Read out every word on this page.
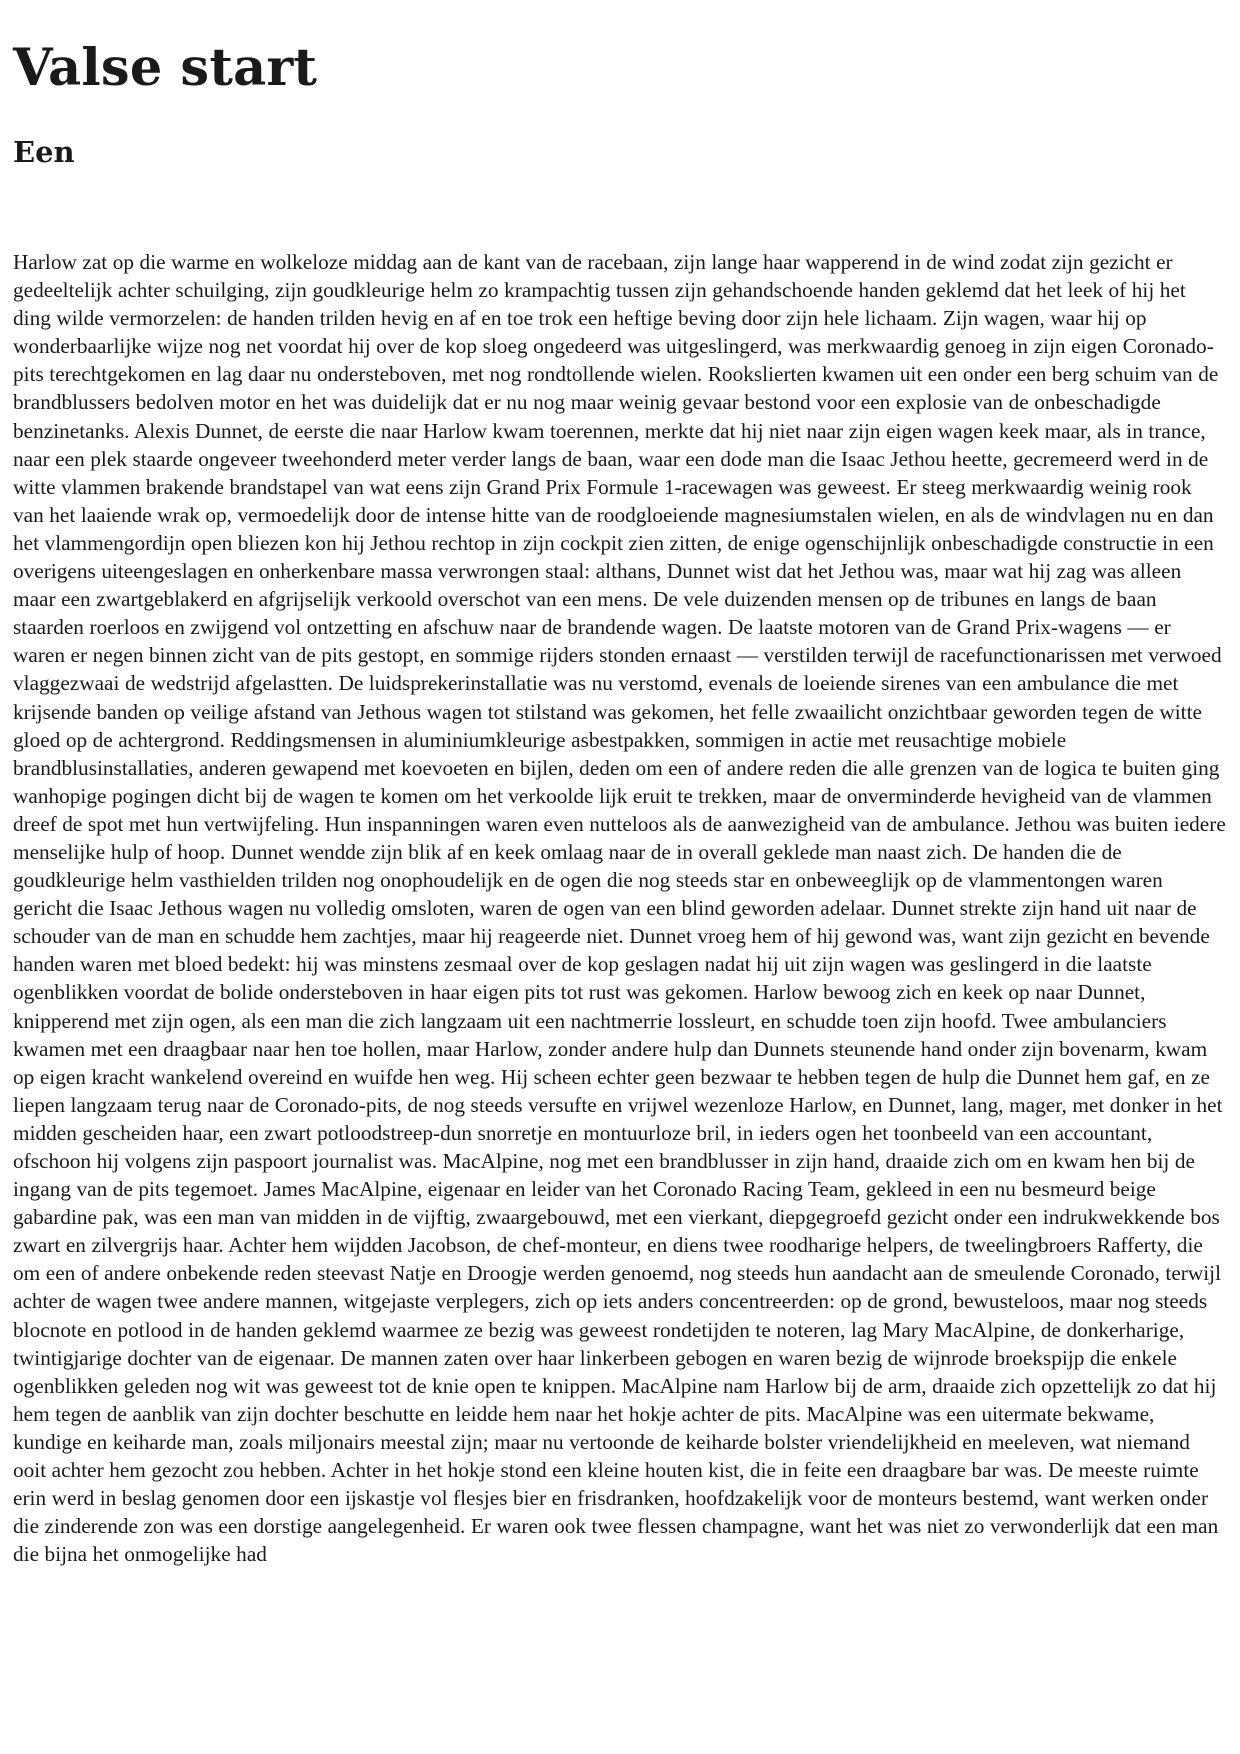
Valse start
Een

Harlow zat op die warme en wolkeloze middag aan de kant van de racebaan, zijn lange haar wapperend in de wind zodat zijn gezicht er gedeeltelijk achter schuilging, zijn goudkleurige helm zo krampachtig tussen zijn gehandschoende handen geklemd dat het leek of hij het ding wilde vermorzelen: de handen trilden hevig en af en toe trok een heftige beving door zijn hele lichaam. Zijn wagen, waar hij op wonderbaarlijke wijze nog net voordat hij over de kop sloeg ongedeerd was uitgeslingerd, was merkwaardig genoeg in zijn eigen Coronado-pits terechtgekomen en lag daar nu ondersteboven, met nog rondtollende wielen. Rookslierten kwamen uit een onder een berg schuim van de brandblussers bedolven motor en het was duidelijk dat er nu nog maar weinig gevaar bestond voor een explosie van de onbeschadigde benzinetanks. Alexis Dunnet, de eerste die naar Harlow kwam toerennen, merkte dat hij niet naar zijn eigen wagen keek maar, als in trance, naar een plek staarde ongeveer tweehonderd meter verder langs de baan, waar een dode man die Isaac Jethou heette, gecremeerd werd in de witte vlammen brakende brandstapel van wat eens zijn Grand Prix Formule 1-racewagen was geweest. Er steeg merkwaardig weinig rook van het laaiende wrak op, vermoedelijk door de intense hitte van de roodgloeiende magnesiumstalen wielen, en als de windvlagen nu en dan het vlammengordijn open bliezen kon hij Jethou rechtop in zijn cockpit zien zitten, de enige ogenschijnlijk onbeschadigde constructie in een overigens uiteengeslagen en onherkenbare massa verwrongen staal: althans, Dunnet wist dat het Jethou was, maar wat hij zag was alleen maar een zwartgeblakerd en afgrijselijk verkoold overschot van een mens. De vele duizenden mensen op de tribunes en langs de baan staarden roerloos en zwijgend vol ontzetting en afschuw naar de brandende wagen. De laatste motoren van de Grand Prix-wagens — er waren er negen binnen zicht van de pits gestopt, en sommige rijders stonden ernaast — verstilden terwijl de racefunctionarissen met verwoed vlaggezwaai de wedstrijd afgelastten. De luidsprekerinstallatie was nu verstomd, evenals de loeiende sirenes van een ambulance die met krijsende banden op veilige afstand van Jethous wagen tot stilstand was gekomen, het felle zwaailicht onzichtbaar geworden tegen de witte gloed op de achtergrond. Reddingsmensen in aluminiumkleurige asbestpakken, sommigen in actie met reusachtige mobiele brandblusinstallaties, anderen gewapend met koevoeten en bijlen, deden om een of andere reden die alle grenzen van de logica te buiten ging wanhopige pogingen dicht bij de wagen te komen om het verkoolde lijk eruit te trekken, maar de onverminderde hevigheid van de vlammen dreef de spot met hun vertwijfeling. Hun inspanningen waren even nutteloos als de aanwezigheid van de ambulance. Jethou was buiten iedere menselijke hulp of hoop. Dunnet wendde zijn blik af en keek omlaag naar de in overall geklede man naast zich. De handen die de goudkleurige helm vasthielden trilden nog onophoudelijk en de ogen die nog steeds star en onbeweeglijk op de vlammentongen waren gericht die Isaac Jethous wagen nu volledig omsloten, waren de ogen van een blind geworden adelaar. Dunnet strekte zijn hand uit naar de schouder van de man en schudde hem zachtjes, maar hij reageerde niet. Dunnet vroeg hem of hij gewond was, want zijn gezicht en bevende handen waren met bloed bedekt: hij was minstens zesmaal over de kop geslagen nadat hij uit zijn wagen was geslingerd in die laatste ogenblikken voordat de bolide ondersteboven in haar eigen pits tot rust was gekomen. Harlow bewoog zich en keek op naar Dunnet, knipperend met zijn ogen, als een man die zich langzaam uit een nachtmerrie lossleurt, en schudde toen zijn hoofd. Twee ambulanciers kwamen met een draagbaar naar hen toe hollen, maar Harlow, zonder andere hulp dan Dunnets steunende hand onder zijn bovenarm, kwam op eigen kracht wankelend overeind en wuifde hen weg. Hij scheen echter geen bezwaar te hebben tegen de hulp die Dunnet hem gaf, en ze liepen langzaam terug naar de Coronado-pits, de nog steeds versufte en vrijwel wezenloze Harlow, en Dunnet, lang, mager, met donker in het midden gescheiden haar, een zwart potloodstreep-dun snorretje en montuurloze bril, in ieders ogen het toonbeeld van een accountant, ofschoon hij volgens zijn paspoort journalist was. MacAlpine, nog met een brandblusser in zijn hand, draaide zich om en kwam hen bij de ingang van de pits tegemoet. James MacAlpine, eigenaar en leider van het Coronado Racing Team, gekleed in een nu besmeurd beige gabardine pak, was een man van midden in de vijftig, zwaargebouwd, met een vierkant, diepgegroefd gezicht onder een indrukwekkende bos zwart en zilvergrijs haar. Achter hem wijdden Jacobson, de chef-monteur, en diens twee roodharige helpers, de tweelingbroers Rafferty, die om een of andere onbekende reden steevast Natje en Droogje werden genoemd, nog steeds hun aandacht aan de smeulende Coronado, terwijl achter de wagen twee andere mannen, witgejaste verplegers, zich op iets anders concentreerden: op de grond, bewusteloos, maar nog steeds blocnote en potlood in de handen geklemd waarmee ze bezig was geweest rondetijden te noteren, lag Mary MacAlpine, de donkerharige, twintigjarige dochter van de eigenaar. De mannen zaten over haar linkerbeen gebogen en waren bezig de wijnrode broekspijp die enkele ogenblikken geleden nog wit was geweest tot de knie open te knippen. MacAlpine nam Harlow bij de arm, draaide zich opzettelijk zo dat hij hem tegen de aanblik van zijn dochter beschutte en leidde hem naar het hokje achter de pits. MacAlpine was een uitermate bekwame, kundige en keiharde man, zoals miljonairs meestal zijn; maar nu vertoonde de keiharde bolster vriendelijkheid en meeleven, wat niemand ooit achter hem gezocht zou hebben. Achter in het hokje stond een kleine houten kist, die in feite een draagbare bar was. De meeste ruimte erin werd in beslag genomen door een ijskastje vol flesjes bier en frisdranken, hoofdzakelijk voor de monteurs bestemd, want werken onder die zinderende zon was een dorstige aangelegenheid. Er waren ook twee flessen champagne, want het was niet zo verwonderlijk dat een man die bijna het onmogelijke had
